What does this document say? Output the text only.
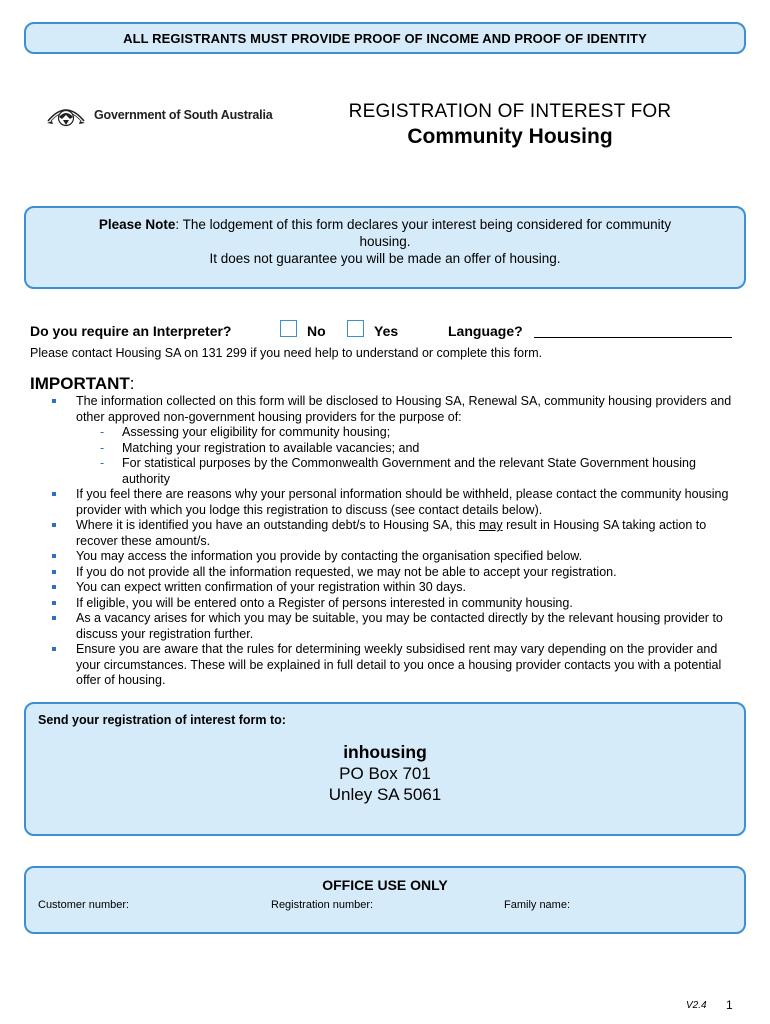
ALL REGISTRANTS MUST PROVIDE PROOF OF INCOME AND PROOF OF IDENTITY
Government of South Australia	REGISTRATION OF INTEREST FOR
Community Housing
Please Note: The lodgement of this form declares your interest being considered for community
housing.
It does not guarantee you will be made an offer of housing.
Do you require an Interpreter?	No	Yes	Language?
Please contact Housing SA on 131 299 if you need help to understand or complete this form.
IMPORTANT:
The information collected on this form will be disclosed to Housing SA, Renewal SA, community housing providers and other approved non-government housing providers for the purpose of:
- Assessing your eligibility for community housing;
- Matching your registration to available vacancies; and
- For statistical purposes by the Commonwealth Government and the relevant State Government housing authority
If you feel there are reasons why your personal information should be withheld, please contact the community housing provider with which you lodge this registration to discuss (see contact details below).
Where it is identified you have an outstanding debt/s to Housing SA, this may result in Housing SA taking action to recover these amount/s.
You may access the information you provide by contacting the organisation specified below.
If you do not provide all the information requested, we may not be able to accept your registration.
You can expect written confirmation of your registration within 30 days.
If eligible, you will be entered onto a Register of persons interested in community housing.
As a vacancy arises for which you may be suitable, you may be contacted directly by the relevant housing provider to discuss your registration further.
Ensure you are aware that the rules for determining weekly subsidised rent may vary depending on the provider and your circumstances. These will be explained in full detail to you once a housing provider contacts you with a potential offer of housing.
Send your registration of interest form to:
inhousing
PO Box 701
Unley SA 5061
OFFICE USE ONLY
Customer number:	Registration number:	Family name:
V2.4 1
